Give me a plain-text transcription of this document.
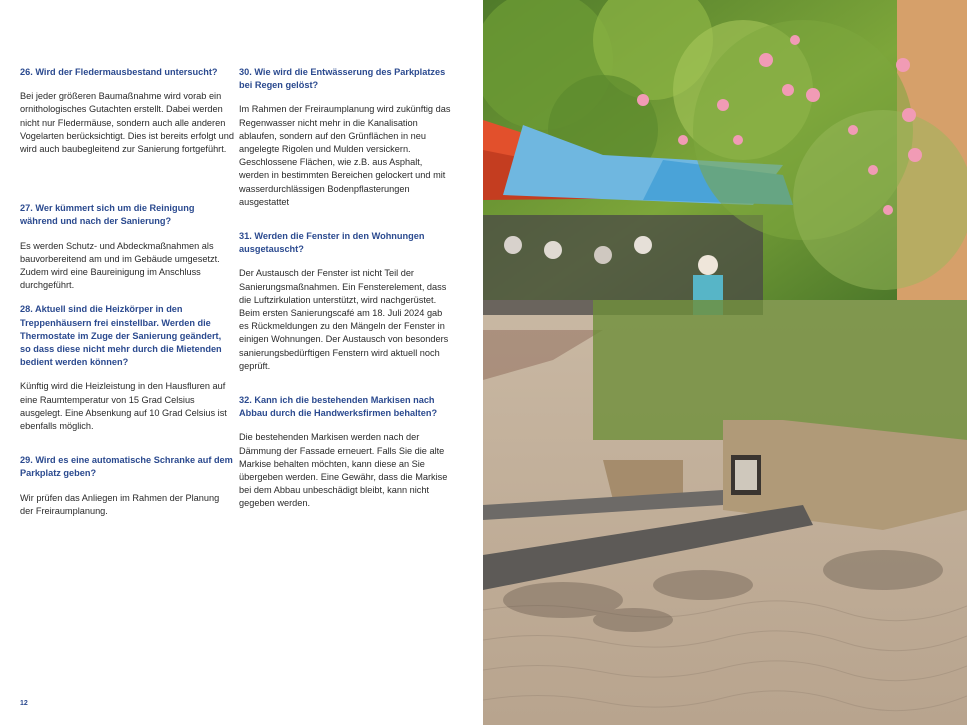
26. Wird der Fledermausbestand untersucht?

Bei jeder größeren Baumaßnahme wird vorab ein ornithologisches Gutachten erstellt. Dabei werden nicht nur Fledermäuse, sondern auch alle anderen Vogelarten berücksichtigt. Dies ist bereits erfolgt und wird auch baubegleitend zur Sanierung fortgeführt.

27. Wer kümmert sich um die Reinigung während und nach der Sanierung?

Es werden Schutz- und Abdeckmaßnahmen als bauvorbereitend am und im Gebäude umgesetzt. Zudem wird eine Baureinigung im Anschluss durchgeführt.

28. Aktuell sind die Heizkörper in den Treppenhäusern frei einstellbar. Werden die Thermostate im Zuge der Sanierung geändert, so dass diese nicht mehr durch die Mietenden bedient werden können?

Künftig wird die Heizleistung in den Hausfluren auf eine Raumtemperatur von 15 Grad Celsius ausgelegt. Eine Absenkung auf 10 Grad Celsius ist ebenfalls möglich.

29. Wird es eine automatische Schranke auf dem Parkplatz geben?

Wir prüfen das Anliegen im Rahmen der Planung der Freiraumplanung.

30. Wie wird die Entwässerung des Parkplatzes bei Regen gelöst?

Im Rahmen der Freiraumplanung wird zukünftig das Regenwasser nicht mehr in die Kanalisation ablaufen, sondern auf den Grünflächen in neu angelegte Rigolen und Mulden versickern. Geschlossene Flächen, wie z.B. aus Asphalt, werden in bestimmten Bereichen gelockert und mit wasserdurchlässigen Bodenpflasterungen ausgestattet

31. Werden die Fenster in den Wohnungen ausgetauscht?

Der Austausch der Fenster ist nicht Teil der Sanierungsmaßnahmen. Ein Fensterelement, dass die Luftzirkulation unterstützt, wird nachgerüstet. Beim ersten Sanierungscafé am 18. Juli 2024 gab es Rückmeldungen zu den Mängeln der Fenster in einigen Wohnungen. Der Austausch von besonders sanierungsbedürftigen Fenstern wird aktuell noch geprüft.

32. Kann ich die bestehenden Markisen nach Abbau durch die Handwerksfirmen behalten?

Die bestehenden Markisen werden nach der Dämmung der Fassade erneuert. Falls Sie die alte Markise behalten möchten, kann diese an Sie übergeben werden. Eine Gewähr, dass die Markise bei dem Abbau unbeschädigt bleibt, kann nicht gegeben werden.

12
